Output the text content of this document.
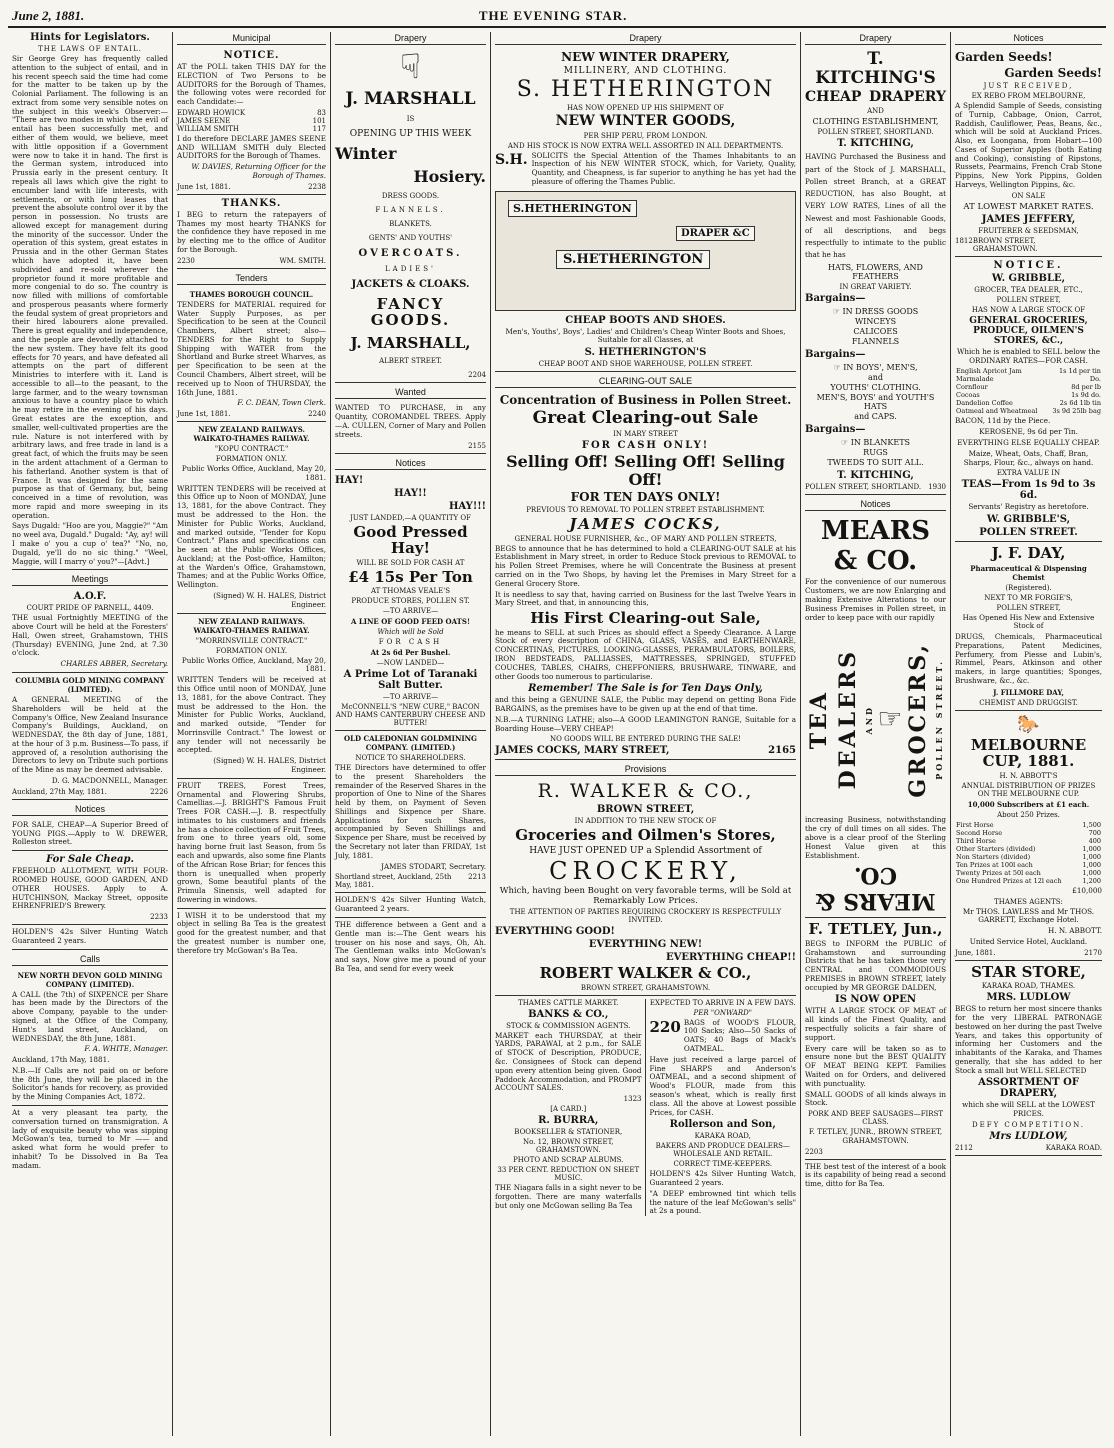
June 2, 1881.	THE EVENING STAR.
Hints for Legislators.
THE LAWS OF ENTAIL.

Sir George Grey has frequently called attention to the subject of entail, and in his recent speech said the time had come for the matter to be taken up by the Colonial Parliament. The following is an extract from some very sensible notes on the subject in this week's Observer:— "There are two modes in which the evil of entail has been successfully met, and either of them would, we believe, meet with little opposition if a Government were now to take it in hand. The first is the German system, introduced into Prussia early in the present century. It repeals all laws which give the right to encumber land with life interests, with settlements, or with long leases that prevent the absolute control over it by the person in possession. No trusts are allowed except for management during the minority of the successor. Under the operation of this system, great estates in Prussia and in the other German States which have adopted it, have been subdivided and re-sold wherever the proprietor found it more profitable and more congenial to do so. The country is now filled with millions of comfortable and prosperous peasants where formerly the feudal system of great proprietors and their hired labourers alone prevailed. There is great equality and independence, and the people are devotedly attached to the new system. They have felt its good effects for 70 years, and have defeated all attempts on the part of different Ministries to interfere with it. Land is accessible to all—to the peasant, to the large farmer, and to the weary townsman anxious to have a country place to which he may retire in the evening of his days. Great estates are the exception, and smaller, well-cultivated properties are the rule. Nature is not interfered with by arbitrary laws, and free trade in land is a great fact, of which the fruits may be seen in the ardent attachment of a German to his fatherland. Another system is that of France. It was designed for the same purpose as that of Germany, but, being conceived in a time of revolution, was more rapid and more sweeping in its operation.

Says Dugald: "Hoo are you, Maggie?" "Am no weel ava, Dugald." Dugald: "Ay, ay! will I make o' you a cup o' tea?" "No, no, Dugald, ye'll do no sic thing." "Weel, Maggie, will I marry o' you?"—[Advt.]

Meetings
A.O.F.
COURT PRIDE OF PARNELL, 4409.

THE usual Fortnightly MEETING of the above Court will be held at the Foresters' Hall, Owen street, Grahamstown, THIS (Thursday) EVENING, June 2nd, at 7.30 o'clock.

CHARLES ABBER, Secretary.

COLUMBIA GOLD MINING COMPANY (LIMITED).

A GENERAL MEETING of the Shareholders will be held at the Company's Office, New Zealand Insurance Company's Buildings, Auckland, on WEDNESDAY, the 8th day of June, 1881, at the hour of 3 p.m. Business—To pass, if approved of, a resolution authorising the Directors to levy on Tribute such portions of the Mine as may be deemed advisable.

D. G. MACDONNELL, Manager.

Auckland, 27th May, 1881.	2226
Notices

FOR SALE, CHEAP—A Superior Breed of YOUNG PIGS.—Apply to W. DREWER, Rolleston street.

For Sale Cheap.

FREEHOLD ALLOTMENT, WITH FOUR-ROOMED HOUSE, GOOD GARDEN, AND OTHER HOUSES. Apply to A. HUTCHINSON, Mackay Street, opposite EHRENFRIED'S Brewery.

2233

HOLDEN'S 42s Silver Hunting Watch Guaranteed 2 years.

Calls
NEW NORTH DEVON GOLD MINING COMPANY (LIMITED).

A CALL (the 7th) of SIXPENCE per Share has been made by the Directors of the above Company, payable to the under-signed, at the Office of the Company, Hunt's land street, Auckland, on WEDNESDAY, the 8th June, 1881.

F. A. WHITE, Manager.

Auckland, 17th May, 1881.

N.B.—If Calls are not paid on or before the 8th June, they will be placed in the Solicitor's hands for recovery, as provided by the Mining Companies Act, 1872.

At a very pleasant tea party, the conversation turned on transmigration. A lady of exquisite beauty who was sipping McGowan's tea, turned to Mr —— and asked what form he would prefer to inhabit? To be Dissolved in Ba Tea madam.

Municipal
NOTICE.

AT the POLL taken THIS DAY for the ELECTION of Two Persons to be AUDITORS for the Borough of Thames, the following votes were recorded for each Candidate:—

EDWARD HOWICK	83
JAMES SEENE	101
WILLIAM SMITH	117

I do therefore DECLARE JAMES SEENE AND WILLIAM SMITH duly Elected AUDITORS for the Borough of Thames.

W. DAVIES, Returning Officer for the Borough of Thames.

June 1st, 1881.	2238
THANKS.

I BEG to return the ratepayers of Thames my most hearty THANKS for the confidence they have reposed in me by electing me to the office of Auditor for the Borough.

2230	WM. SMITH.
Tenders
THAMES BOROUGH COUNCIL.

TENDERS for MATERIAL required for Water Supply Purposes, as per Specification to be seen at the Council Chambers, Albert street; also—TENDERS for the Right to Supply Shipping with WATER from the Shortland and Burke street Wharves, as per Specification to be seen at the Council Chambers, Albert street, will be received up to Noon of THURSDAY, the 16th June, 1881.

F. C. DEAN, Town Clerk.

June 1st, 1881.	2240
NEW ZEALAND RAILWAYS. WAIKATO-THAMES RAILWAY.
"KOPU CONTRACT."
FORMATION ONLY.

Public Works Office, Auckland, May 20, 1881.

WRITTEN TENDERS will be received at this Office up to Noon of MONDAY, June 13, 1881, for the above Contract. They must be addressed to the Hon. the Minister for Public Works, Auckland, and marked outside, "Tender for Kopu Contract." Plans and specifications can be seen at the Public Works Offices, Auckland; at the Post-office, Hamilton; at the Warden's Office, Grahamstown, Thames; and at the Public Works Office, Wellington.

(Signed) W. H. HALES, District Engineer.

NEW ZEALAND RAILWAYS. WAIKATO-THAMES RAILWAY.
"MORRINSVILLE CONTRACT."
FORMATION ONLY.

Public Works Office, Auckland, May 20, 1881.

WRITTEN Tenders will be received at this Office until noon of MONDAY, June 13, 1881, for the above Contract. They must be addressed to the Hon. the Minister for Public Works, Auckland, and marked outside, "Tender for Morrinsville Contract." The lowest or any tender will not necessarily be accepted.

(Signed) W. H. HALES, District Engineer.

FRUIT TREES, Forest Trees, Ornamental and Flowering Shrubs, Camellias.—J. BRIGHT'S Famous Fruit Trees FOR CASH.—J. B. respectfully intimates to his customers and friends he has a choice collection of Fruit Trees, from one to three years old, some having borne fruit last Season, from 5s each and upwards, also some fine Plants of the African Rose Briar; for fences this thorn is unequalled when properly grown, Some beautiful plants of the Primula Sinensis, well adapted for flowering in windows.

I WISH it to be understood that my object in selling Ba Tea is the greatest good for the greatest number, and that the greatest number is number one, therefore try McGowan's Ba Tea.

Drapery
☟
J. MARSHALL
IS
OPENING UP THIS WEEK
Winter
Hosiery.
DRESS GOODS.
FLANNELS.
BLANKETS.
GENTS' AND YOUTHS'
OVERCOATS.
LADIES'
JACKETS & CLOAKS.
FANCY GOODS.
J. MARSHALL,
ALBERT STREET.
2204
Wanted

WANTED TO PURCHASE, in any Quantity, COROMANDEL TREES. Apply—A. CULLEN, Corner of Mary and Pollen streets.

2155
Notices
HAY!
HAY!!
HAY!!!
JUST LANDED,—A QUANTITY OF
Good Pressed Hay!
WILL BE SOLD FOR CASH AT
£4 15s Per Ton
AT THOMAS VEALE'S
PRODUCE STORES, POLLEN ST.
—TO ARRIVE—
A LINE OF GOOD FEED OATS!
Which will be Sold
FOR CASH
At 2s 6d Per Bushel.
—NOW LANDED—
A Prime Lot of Taranaki Salt Butter.
—TO ARRIVE—
McCONNELL'S "NEW CURE," BACON AND HAMS CANTERBURY CHEESE AND BUTTER!
OLD CALEDONIAN GOLDMINING COMPANY. (LIMITED.)
NOTICE TO SHAREHOLDERS.

THE Directors have determined to offer to the present Shareholders the remainder of the Reserved Shares in the proportion of One to Nine of the Shares held by them, on Payment of Seven Shillings and Sixpence per Share. Applications for such Shares, accompanied by Seven Shillings and Sixpence per Share, must be received by the Secretary not later than FRIDAY, 1st July, 1881.

JAMES STODART, Secretary.

Shortland street, Auckland, 25th May, 1881.
2213

HOLDEN'S 42s Silver Hunting Watch, Guaranteed 2 years.

THE difference between a Gent and a Gentle man is:—The Gent wears his trouser on his nose and says, Oh, Ah. The Gentleman walks into McGowan's and says, Now give me a pound of your Ba Tea, and send for every week

Drapery
NEW WINTER DRAPERY,
MILLINERY, AND CLOTHING.
S. HETHERINGTON
HAS NOW OPENED UP HIS SHIPMENT OF
NEW WINTER GOODS,
PER SHIP PERU, FROM LONDON.
AND HIS STOCK IS NOW EXTRA WELL ASSORTED IN ALL DEPARTMENTS.
S.H. SOLICITS the Special Attention of the Thames Inhabitants to an Inspection of his NEW WINTER STOCK, which, for Variety, Quality, Quantity, and Cheapness, is far superior to anything he has yet had the pleasure of offering the Thames Public.

S.HETHERINGTON
DRAPER &C
S.HETHERINGTON
CHEAP BOOTS AND SHOES.

Men's, Youths', Boys', Ladies' and Children's Cheap Winter Boots and Shoes, Suitable for all Classes, at

S. HETHERINGTON'S
CHEAP BOOT AND SHOE WAREHOUSE, POLLEN STREET.
CLEARING-OUT SALE
Concentration of Business in Pollen Street.
Great Clearing-out Sale
IN MARY STREET
FOR CASH ONLY!
Selling Off! Selling Off! Selling Off!
FOR TEN DAYS ONLY!
PREVIOUS TO REMOVAL TO POLLEN STREET ESTABLISHMENT.
JAMES COCKS,
GENERAL HOUSE FURNISHER, &c., OF MARY AND POLLEN STREETS,

BEGS to announce that he has determined to hold a CLEARING-OUT SALE at his Establishment in Mary street, in order to Reduce Stock previous to REMOVAL to his Pollen Street Premises, where he will Concentrate the Business at present carried on in the Two Shops, by having let the Premises in Mary Street for a General Grocery Store.

It is needless to say that, having carried on Business for the last Twelve Years in Mary Street, and that, in announcing this,

His First Clearing-out Sale,

he means to SELL at such Prices as should effect a Speedy Clearance. A Large Stock of every description of CHINA, GLASS, VASES, and EARTHENWARE, CONCERTINAS, PICTURES, LOOKING-GLASSES, PERAMBULATORS, BOILERS, IRON BEDSTEADS, PALLIASSES, MATTRESSES, SPRINGED, STUFFED COUCHES, TABLES, CHAIRS, CHEFFONIERS, BRUSHWARE, TINWARE, and other Goods too numerous to particularise.

Remember! The Sale is for Ten Days Only,

and this being a GENUINE SALE, the Public may depend on getting Bona Fide BARGAINS, as the premises have to be given up at the end of that time.

N.B.—A TURNING LATHE; also—A GOOD LEAMINGTON RANGE, Suitable for a Boarding House—VERY CHEAP!

NO GOODS WILL BE ENTERED DURING THE SALE!
JAMES COCKS, MARY STREET,	2165
Provisions
R. WALKER & CO.,
BROWN STREET,
IN ADDITION TO THE NEW STOCK OF
Groceries and Oilmen's Stores,
HAVE JUST OPENED UP a Splendid Assortment of
CROCKERY,
Which, having been Bought on very favorable terms, will be Sold at Remarkably Low Prices.
THE ATTENTION OF PARTIES REQUIRING CROCKERY IS RESPECTFULLY INVITED.
EVERYTHING GOOD!
EVERYTHING NEW!
EVERYTHING CHEAP!!
ROBERT WALKER & CO.,
BROWN STREET, GRAHAMSTOWN.
THAMES CATTLE MARKET.
BANKS & CO.,
STOCK & COMMISSION AGENTS.

MARKET each THURSDAY, at their YARDS, PARAWAI, at 2 p.m., for SALE of STOCK of Description, PRODUCE, &c. Consignees of Stock can depend upon every attention being given. Good Paddock Accommodation, and PROMPT ACCOUNT SALES.

1323
[A CARD.]
R. BURRA,
BOOKSELLER & STATIONER,
No. 12, BROWN STREET, GRAHAMSTOWN.
PHOTO AND SCRAP ALBUMS.
33 PER CENT. REDUCTION ON SHEET MUSIC.

THE Niagara falls in a sight never to be forgotten. There are many waterfalls but only one McGowan selling Ba Tea

EXPECTED TO ARRIVE IN A FEW DAYS.
PER "ONWARD"
220 BAGS of WOOD'S FLOUR, 100 Sacks; Also—50 Sacks of OATS; 40 Bags of Mack's OATMEAL.

Have just received a large parcel of Fine SHARPS and Anderson's OATMEAL, and a second shipment of Wood's FLOUR, made from this season's wheat, which is really first class. All the above at Lowest possible Prices, for CASH.

Rollerson and Son,
KARAKA ROAD,
BAKERS AND PRODUCE DEALERS—WHOLESALE AND RETAIL.
CORRECT TIME-KEEPERS.

HOLDEN'S 42s Silver Hunting Watch, Guaranteed 2 years.

"A DEEP embrowned tint which tells the nature of the leaf McGowan's sells" at 2s a pound.

Drapery
T. KITCHING'S
CHEAP DRAPERY
AND
CLOTHING ESTABLISHMENT,
POLLEN STREET, SHORTLAND.
T. KITCHING,

HAVING Purchased the Business and part of the Stock of J. MARSHALL, Pollen street Branch, at a GREAT REDUCTION, has also Bought, at VERY LOW RATES, Lines of all the Newest and most Fashionable Goods, of all descriptions, and begs respectfully to intimate to the public that he has

HATS, FLOWERS, AND FEATHERS
IN GREAT VARIETY.
Bargains—
☞ IN DRESS GOODS
WINCEYS
CALICOES
FLANNELS
Bargains—
☞ IN BOYS', MEN'S,
and
YOUTHS' CLOTHING.
MEN'S, BOYS' and YOUTH'S HATS
and CAPS.
Bargains—
☞ IN BLANKETS
RUGS
TWEEDS TO SUIT ALL.
T. KITCHING,
POLLEN STREET, SHORTLAND. 1930
Notices
MEARS & CO.

For the convenience of our numerous Customers, we are now Enlarging and making Extensive Alterations to our Business Premises in Pollen street, in order to keep pace with our rapidly

TEA DEALERS AND ☞ GROCERS, POLLEN STREET.

increasing Business, notwithstanding the cry of dull times on all sides. The above is a clear proof of the Sterling Honest Value given at this Establishment.

MEARS & CO.
F. TETLEY, Jun.,

BEGS to INFORM the PUBLIC of Grahamstown and surrounding Districts that he has taken those very CENTRAL and COMMODIOUS PREMISES in BROWN STREET, lately occupied by MR GEORGE DALDEN,

IS NOW OPEN

WITH A LARGE STOCK OF MEAT of all kinds of the Finest Quality, and respectfully solicits a fair share of support.

Every care will be taken so as to ensure none but the BEST QUALITY OF MEAT BEING KEPT. Families Waited on for Orders, and delivered with punctuality.

SMALL GOODS of all kinds always in Stock.

PORK AND BEEF SAUSAGES—FIRST CLASS.

F. TETLEY, JUNR., BROWN STREET, GRAHAMSTOWN.

2203

THE best test of the interest of a book is its capability of being read a second time, ditto for Ba Tea.

Notices
Garden Seeds!
Garden Seeds!
JUST RECEIVED,
EX REBO FROM MELBOURNE,

A Splendid Sample of Seeds, consisting of Turnip, Cabbage, Onion, Carrot, Raddish, Cauliflower, Peas, Beans, &c., which will be sold at Auckland Prices. Also, ex Loongana, from Hobart—100 Cases of Superior Apples (both Eating and Cooking), consisting of Ripstons, Russets, Pearmains, French Crab Stone Pippins, New York Pippins, Golden Harveys, Wellington Pippins, &c.

ON SALE
AT LOWEST MARKET RATES.
JAMES JEFFERY,
FRUITERER & SEEDSMAN,
1812 BROWN STREET, GRAHAMSTOWN.
NOTICE.
W. GRIBBLE,
GROCER, TEA DEALER, ETC.,
POLLEN STREET,
HAS NOW A LARGE STOCK OF
GENERAL GROCERIES, PRODUCE, OILMEN'S STORES, &C.,

Which he is enabled to SELL below the ORDINARY RATES—FOR CASH.

English Apricot Jam	1s 1d per tin
Marmalade	Do.
Cornflour	8d per lb
Cocoas	1s 9d do.
Dandelion Coffee	2s 6d 1lb tin
Oatmeal and Wheatmeal	3s 9d 25lb bag

BACON, 11d by the Piece.

KEROSENE, 9s 6d per Tin.

EVERYTHING ELSE EQUALLY CHEAP.

Maize, Wheat, Oats, Chaff, Bran, Sharps, Flour, &c., always on hand.

EXTRA VALUE IN
TEAS—From 1s 9d to 3s 6d.

Servants' Registry as heretofore.

W. GRIBBLE'S,
POLLEN STREET.
J. F. DAY,
Pharmaceutical & Dispensing Chemist
(Registered).
NEXT TO MR FORGIE'S,
POLLEN STREET,

Has Opened His New and Extensive Stock of

DRUGS, Chemicals, Pharmaceutical Preparations, Patent Medicines, Perfumery, from Piesse and Lubin's, Rimmel, Pears, Atkinson and other makers, in large quantities; Sponges, Brushware, &c., &c.

J. FILLMORE DAY,
CHEMIST AND DRUGGIST.
🐎
MELBOURNE CUP, 1881.
H. N. ABBOTT'S
ANNUAL DISTRIBUTION OF PRIZES ON THE MELBOURNE CUP.
10,000 Subscribers at £1 each.
About 250 Prizes.
First Horse	1,500
Second Horse	700
Third Horse	400
Other Starters (divided)	1,000
Non Starters (divided)	1,000
Ten Prizes at 100l each	1,000
Twenty Prizes at 50l each	1,000
One Hundred Prizes at 12l each	1,200

£10,000

THAMES AGENTS:

Mr THOS. LAWLESS and Mr THOS. GARRETT, Exchange Hotel.

H. N. ABBOTT.

United Service Hotel, Auckland.

June, 1881.	2170
STAR STORE,
KARAKA ROAD, THAMES.
MRS. LUDLOW

BEGS to return her most sincere thanks for the very LIBERAL PATRONAGE bestowed on her during the past Twelve Years, and takes this opportunity of informing her Customers and the inhabitants of the Karaka, and Thames generally, that she has added to her Stock a small but WELL SELECTED

ASSORTMENT OF DRAPERY,

which she will SELL at the LOWEST PRICES.

DEFY COMPETITION.
Mrs LUDLOW,
2112	KARAKA ROAD.
